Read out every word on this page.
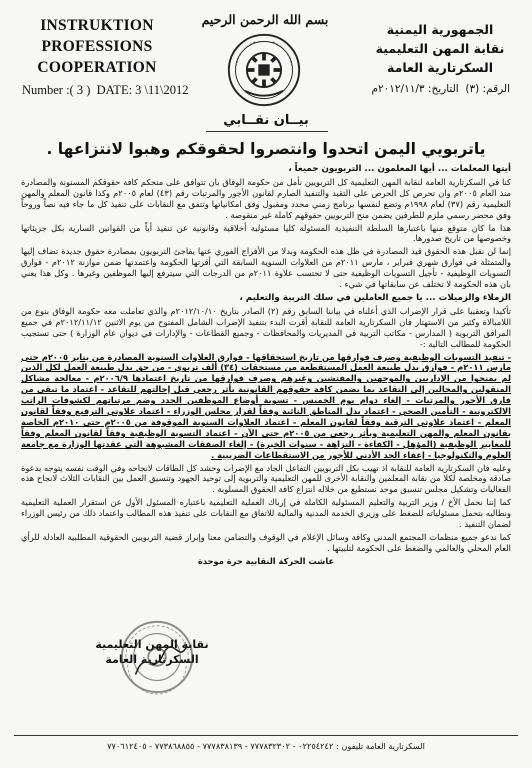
INSTRUKTION
PROFESSIONS
COOPERATION
بسم الله الرحمن الرحيم
الجمهورية اليمنية
نقابة المهن التعليمية
السكرتارية العامة
Number :( 3 )  DATE: 3 \11\2012	الرقم: (٣)  التاريخ: ٢٠١٢/١١/٣م
بيــان نقــابي
ياتربويي اليمن اتحدوا وانتصروا لحقوقكم وهبوا لانتزاعها .

أيتها المعلمات ... أيها المعلمون ... التربويون جميعاً ،

كنا في السكرتارية العامة لنقابة المهن التعليمية كل التربويين نأمل من حكومة الوفاق بان تتوافق على منحكم كافة حقوقكم المسنونة والمصادرة منذ العام ٢٠٠٥م وان تحرص كل الحرص على التقيد والتنفيذ الصارم لقانون الأجور والمرتبات رقم (٤٣) لعام ٢٠٠٥م وكذا قانون المعلم والمهن التعليمية رقم (٣٧) لعام ١٩٩٨م وتضع لنفسها برنامج زمني محدد ومقبول وفق امكانياتها وتتفق مع النقابات على تنفيذ كل ما جاء فيه نصاً وروحاً وفق محضر رسمي ملزم للطرفين يضمن منح التربويين حقوقهم كاملة غير منقوصة .

هذا ما كان متوقع منها باعتبارها السلطة التنفيذية المسئولة كليا مسئولية أخلاقية وقانونية عن تنفيذ أياً من القوانين السارية بكل جزيئاتها وخصوصها من تاريخ صدورها.

إنما لن نقبل هذه الحقوق قيد المصادرة في ظل هذه الحكومة وبدلا من الأفراج الفوري عنها يفاجئ التربويون بمصادرة حقوق جديدة تضاف إليها والمتمثلة في فوارق شهري فبراير ، مارس ٢٠١١م من العلاوات السنوية السابقة التي أقرتها الحكومة واعتمدتها ضمن موازنة ٢٠١٢م - فوارق التسويات الوظيفية - تأجيل التسويات الوظيفية حتى لا تحتسب علاوة ٢٠١١م من الدرجات التي سيترفع إليها الموظفين وغيرها . وكل هذا يعني بان هذه الحكومة لا تختلف عن سابقاتها في شيء .

الزملاء والزميلات ... يا جميع العاملين في سلك التربية والتعليم ،

تأكيدا وتعقيبا على قرار الإضراب الذي أعلناه في بياننا السابق رقم (٢) الصادر بتاريخ ٢٠١٢/١٠/١٠م والذي تعاملت معه حكومة الوفاق بنوع من اللامبالاة وكثير من الاستهتار فان السكرتارية العامة للنقابة أقرت البدء بتنفيذ الإضراب الشامل المفتوح من يوم الاثنين ٢٠١٢/١١/١٢م في جميع المرافق التربوية ( المدارس - مكاتب التربية في المديريات والمحافظات - وجميع القطاعات - والإدارات في ديوان عام الوزارة ) حتى تستجيب الحكومة للمطالب التالية :-

- تنفيذ التسويات الوظيفية وصرف فوارقها من تاريخ استحقاقها - فوارق العلاوات السنوية المصادرة من يناير ٢٠٠٥م حتى مارس ٢٠١١م - فوارق بدل طبيعة العمل المستقطعة من مستحقات (٣٤) ألف تربوي - من حق بدل طبيعة العمل لكل الذين لم يمنحوا من الإداريين والموجهين والمفتشين وغيرهم وصرف فوارقها من تاريخ اعتمادها ٢٠٠٦/٩م - معالجة مشاكل المنقولين والمحالين إلى التقاعد بما يضمن كافة حقوقهم القانونية بأثر رجعي قبل إحالتهم للتقاعد - اعتماد ما تبقى من فارق الأجور والمرتبات - إلغاء دوام يوم الخميس - تسوية أوضاع الموظفين الجدد وضم مرتباتهم لكشوفات الراتب الالكترونية - التأمين الصحي - اعتماد بدل المناطق النائية وفقاً لقرار مجلس الوزراء - اعتماد علاوتي الترفيع وفقاً لقانون المعلم - اعتماد علاوتي الترقية وفقاً لقانون المعلم - اعتماد العلاوات السنوية الموقوفة من ٢٠٠٥م حتى ٢٠١٠م الخاصة بقانون المعلم والمهن التعليمية وبأثر رجعي من ٢٠٠٥م حتى الآن - اعتماد التسوية الوظيفية وفقاً لقانون المعلم وفقاً للمعايير الوظيفية (المؤهل - الكفاءة - النزاهة - سنوات الخبرة) - إلغاء الصفقات المشبوهة التي عقدتها الوزارة مع جامعة العلوم والتكنولوجيا - إعفاء الحد الأدنى للأجور من الاستقطاعات الضريبية .

وعليه فان السكرتارية العامة للنقابة اذ تهيب بكل التربويين التفاعل الجاد مع الإضراب وحشد كل الطاقات لانجاحه وفي الوقت نفسه يتوجه بدعوة صادقة ومخلصة لكلا من نقابة المعلمين والنقابة الأخرى للمهن التعليمية والتربوية إلى توحيد الجهود وتنسيق العمل بين النقابات الثلاث لانجاح هذه الفعاليات وتشكيل مجلس تنسيق موحد نستطيع من خلاله انتزاع كافة الحقوق المسلوبة .

كما إننا نحمل الأخ / وزير التربية والتعليم المسئولية الكاملة في إرباك العملية التعليمية باعتباره المسئول الأول عن استقرار العملية التعليمية ونطالبه بتحمل مسئولياته للضغط على وزيري الخدمة المدنية والمالية للاتفاق مع النقابات على تنفيذ هذه المطالب واعتماد ذلك من رئيس الوزراء لضمان التنفيذ .

كما ندعو جميع منظمات المجتمع المدني وكافة وسائل الإعلام في الوقوف والتضامن معنا وإبراز قضية التربويين الحقوقية المطلبية العادلة للرأي العام المحلي والعالمي والضغط على الحكومة لتلبيتها .

عاشت الحركة النقابية حرة موحدة

نقابة المهن التعليمية
السكرتارية العامة
السكرتارية العامة تليفون : ٠٢٢٥٤٢٤٢ - ٧٧٧٨٣٢٣٠٢ - ٧٧٧٨٣٨١٣٩ - ٧٧٣٨٦٨٨٥٥ - ٧٧٠٦١٢٤٠٥
